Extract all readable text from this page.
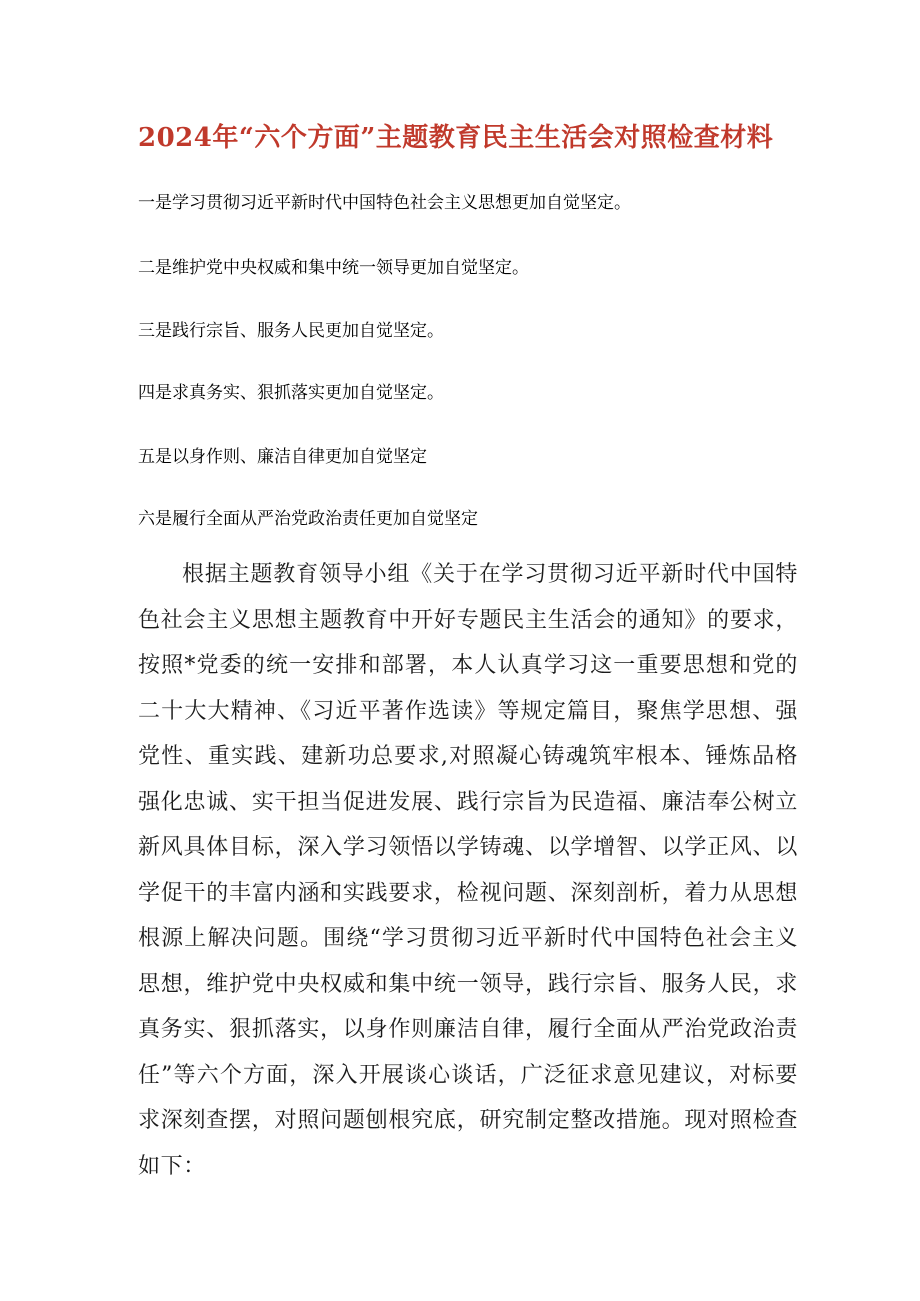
2024年“六个方面”主题教育民主生活会对照检查材料
一是学习贯彻习近平新时代中国特色社会主义思想更加自觉坚定。
二是维护党中央权威和集中统一领导更加自觉坚定。
三是践行宗旨、服务人民更加自觉坚定。
四是求真务实、狠抓落实更加自觉坚定。
五是以身作则、廉洁自律更加自觉坚定
六是履行全面从严治党政治责任更加自觉坚定

根据主题教育领导小组《关于在学习贯彻习近平新时代中国特色社会主义思想主题教育中开好专题民主生活会的通知》的要求，按照*党委的统一安排和部署，本人认真学习这一重要思想和党的二十大大精神、《习近平著作选读》等规定篇目，聚焦学思想、强党性、重实践、建新功总要求,对照凝心铸魂筑牢根本、锤炼品格强化忠诚、实干担当促进发展、践行宗旨为民造福、廉洁奉公树立新风具体目标，深入学习领悟以学铸魂、以学增智、以学正风、以学促干的丰富内涵和实践要求，检视问题、深刻剖析，着力从思想根源上解决问题。围绕“学习贯彻习近平新时代中国特色社会主义思想，维护党中央权威和集中统一领导，践行宗旨、服务人民，求真务实、狠抓落实，以身作则廉洁自律，履行全面从严治党政治责任”等六个方面，深入开展谈心谈话，广泛征求意见建议，对标要求深刻查摆，对照问题刨根究底，研究制定整改措施。现对照检查如下：
